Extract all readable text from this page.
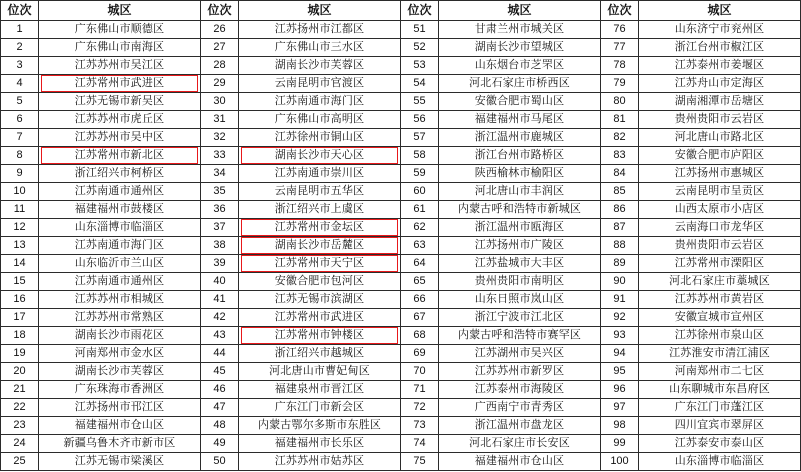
位次	城区	位次	城区	位次	城区	位次	城区
1	广东佛山市顺德区	26	江苏扬州市江都区	51	甘肃兰州市城关区	76	山东济宁市兖州区
2	广东佛山市南海区	27	广东佛山市三水区	52	湖南长沙市望城区	77	浙江台州市椒江区
3	江苏苏州市吴江区	28	湖南长沙市芙蓉区	53	山东烟台市芝罘区	78	江苏泰州市姜堰区
4	江苏常州市武进区	29	云南昆明市官渡区	54	河北石家庄市桥西区	79	江苏舟山市定海区
5	江苏无锡市新吴区	30	江苏南通市海门区	55	安徽合肥市蜀山区	80	湖南湘潭市岳塘区
6	江苏苏州市虎丘区	31	广东佛山市高明区	56	福建福州市马尾区	81	贵州贵阳市云岩区
7	江苏苏州市吴中区	32	江苏徐州市铜山区	57	浙江温州市鹿城区	82	河北唐山市路北区
8	江苏常州市新北区	33	湖南长沙市天心区	58	浙江台州市路桥区	83	安徽合肥市庐阳区
9	浙江绍兴市柯桥区	34	江苏南通市崇川区	59	陕西榆林市榆阳区	84	江苏扬州市惠城区
10	江苏南通市通州区	35	云南昆明市五华区	60	河北唐山市丰润区	85	云南昆明市呈贡区
11	福建福州市鼓楼区	36	浙江绍兴市上虞区	61	内蒙古呼和浩特市新城区	86	山西太原市小店区
12	山东淄博市临淄区	37	江苏常州市金坛区	62	浙江温州市瓯海区	87	云南海口市龙华区
13	江苏南通市海门区	38	湖南长沙市岳麓区	63	江苏扬州市广陵区	88	贵州贵阳市云岩区
14	山东临沂市兰山区	39	江苏常州市天宁区	64	江苏盐城市大丰区	89	江苏常州市溧阳区
15	江苏南通市通州区	40	安徽合肥市包河区	65	贵州贵阳市南明区	90	河北石家庄市藁城区
16	江苏苏州市相城区	41	江苏无锡市滨湖区	66	山东日照市岚山区	91	江苏苏州市黄岩区
17	江苏苏州市常熟区	42	江苏常州市武进区	67	浙江宁波市江北区	92	安徽宣城市宣州区
18	湖南长沙市雨花区	43	江苏常州市钟楼区	68	内蒙古呼和浩特市赛罕区	93	江苏徐州市泉山区
19	河南郑州市金水区	44	浙江绍兴市越城区	69	江苏湖州市吴兴区	94	江苏淮安市清江浦区
20	湖南长沙市芙蓉区	45	河北唐山市曹妃甸区	70	江苏苏州市新罗区	95	河南郑州市二七区
21	广东珠海市香洲区	46	福建泉州市晋江区	71	江苏泰州市海陵区	96	山东聊城市东昌府区
22	江苏扬州市邗江区	47	广东江门市新会区	72	广西南宁市青秀区	97	广东江门市蓬江区
23	福建福州市仓山区	48	内蒙古鄂尔多斯市东胜区	73	浙江温州市盘龙区	98	四川宜宾市翠屏区
24	新疆乌鲁木齐市新市区	49	福建福州市长乐区	74	河北石家庄市长安区	99	江苏泰安市泰山区
25	江苏无锡市梁溪区	50	江苏苏州市姑苏区	75	福建福州市仓山区	100	山东淄博市临淄区
